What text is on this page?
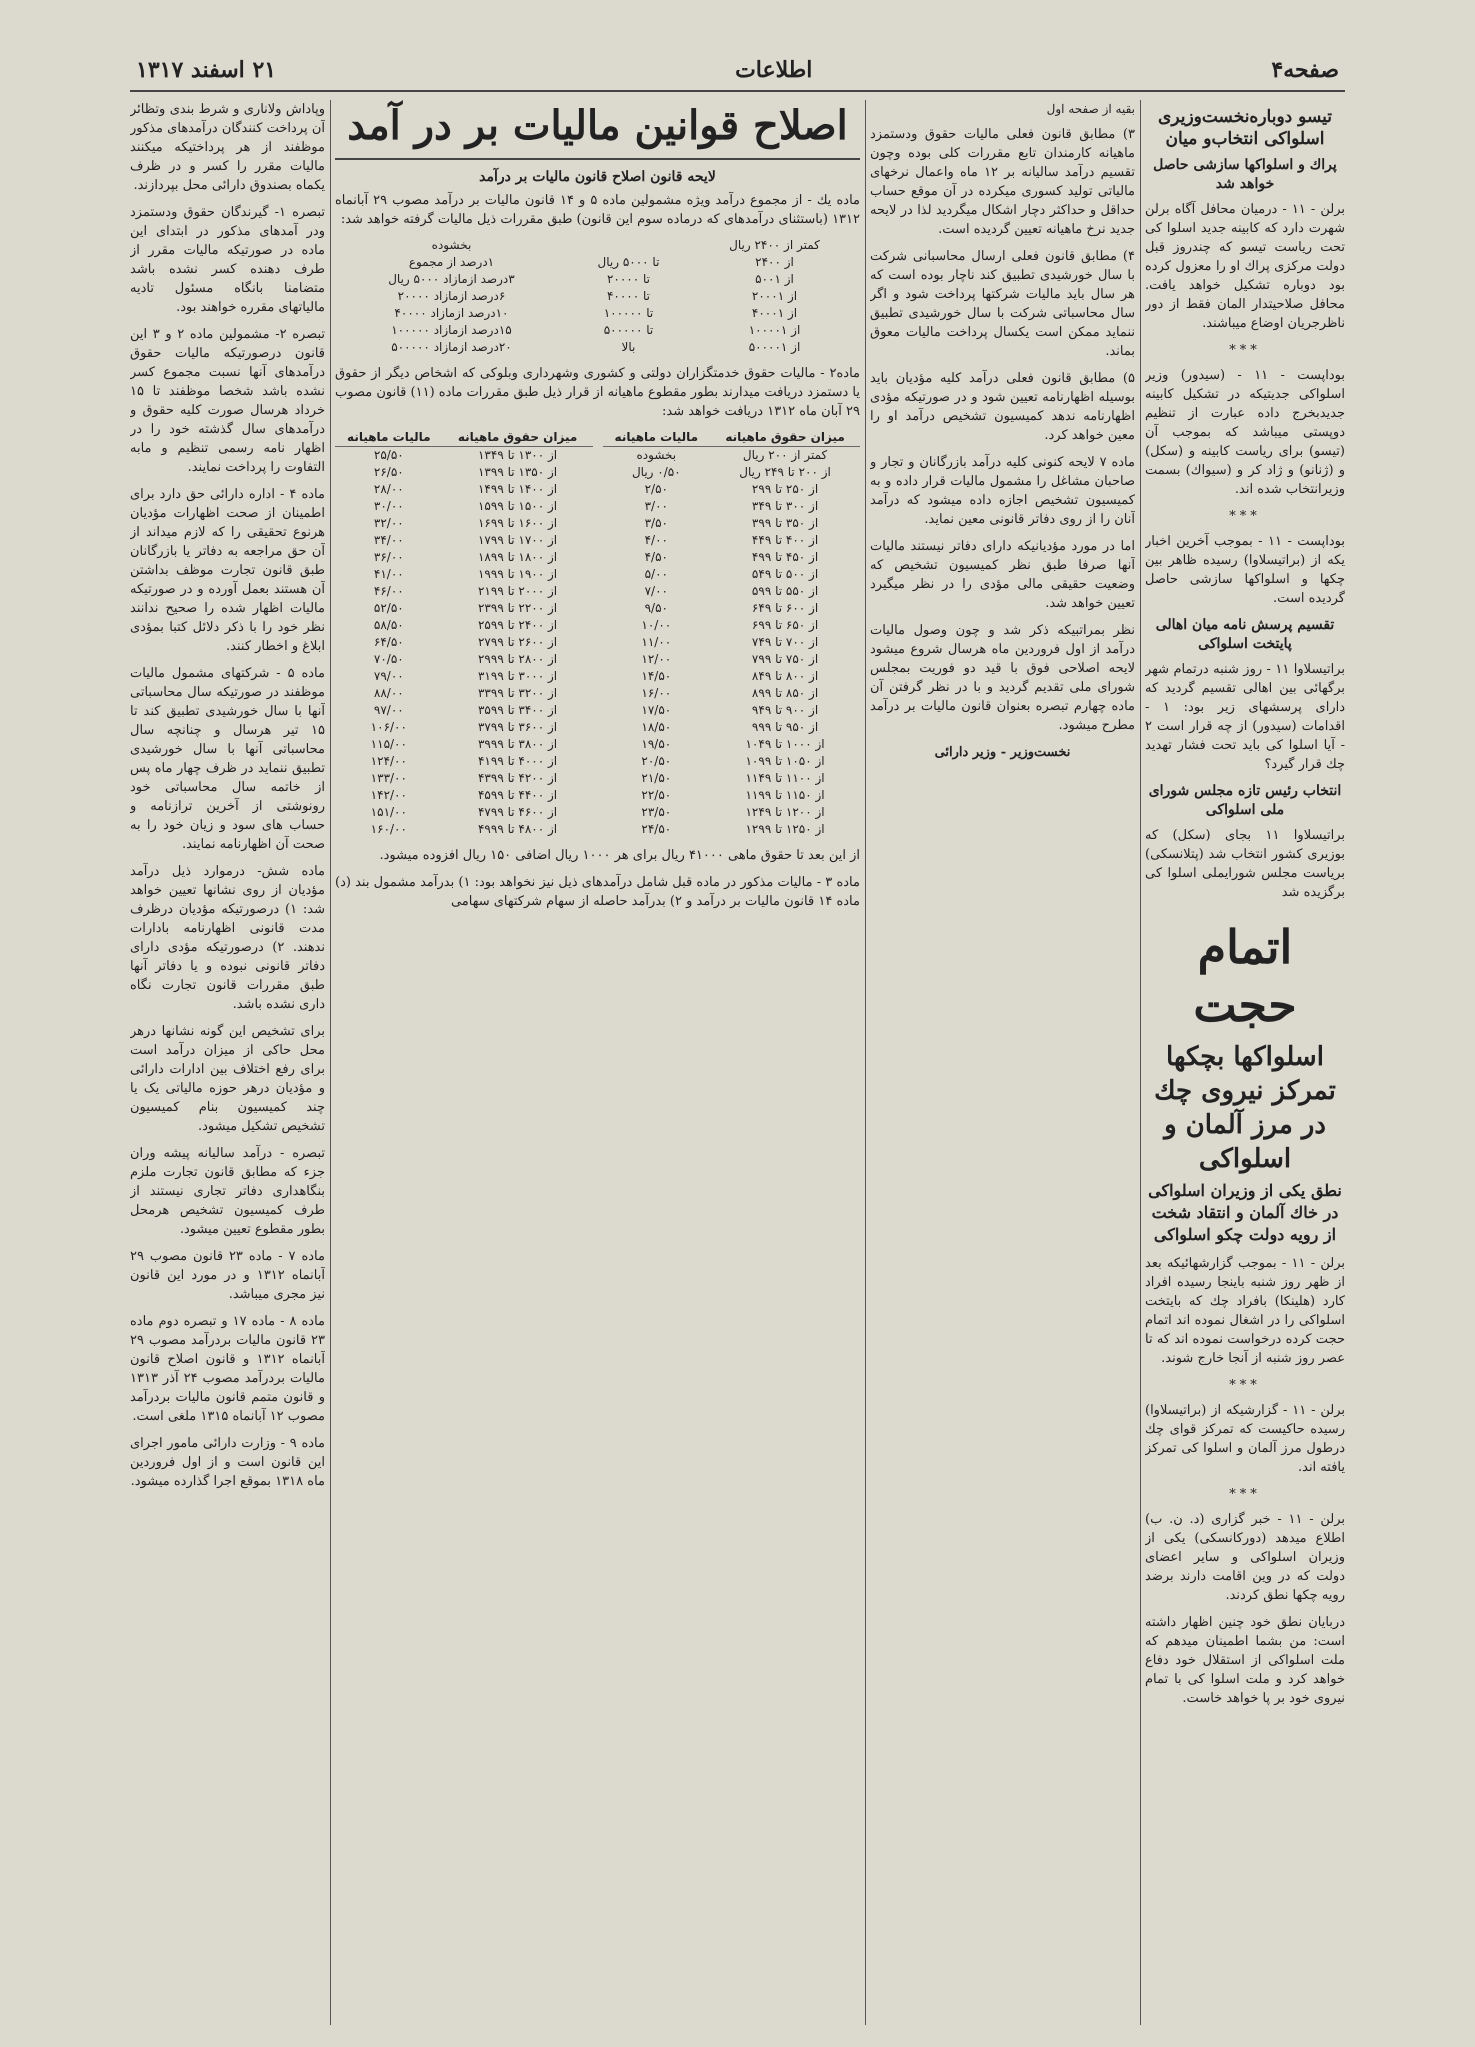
صفحه۴
اطلاعات
۲۱ اسفند ۱۳۱۷
تیسو دوباره‌نخست‌وزیری اسلواکی انتخاب‌و میان
پراك و اسلواکها سازشی حاصل خواهد شد

برلن - ۱۱ - درمیان محافل آگاه برلن شهرت دارد که کابینه جدید اسلوا کی تحت ریاست تیسو که چندروز قبل دولت مرکزی پراك او را معزول کرده بود دوباره تشکیل خواهد یافت. محافل صلاحیتدار المان فقط از دور ناظرجریان اوضاع میباشند.

***

بوداپست - ۱۱ - (سیدور) وزیر اسلواکی جدیتیکه در تشکیل کابینه جدیدبخرج داده عبارت از تنظیم دوپستی میباشد که بموجب آن (تیسو) برای ریاست کابینه و (سکل) و (ژنانو) و ژاد کر و (سیواك) بسمت وزیرانتخاب شده اند.

***

بوداپست - ۱۱ - بموجب آخرین اخبار یکه از (براتیسلاوا) رسیده ظاهر بین چکها و اسلواکها سازشی حاصل گردیده است.

تقسیم پرسش نامه میان اهالی پایتخت اسلواکی

براتیسلاوا ۱۱ - روز شنبه درتمام شهر برگهائی بین اهالی تقسیم گردید که دارای پرسشهای زیر بود: ۱ - اقدامات (سیدور) از چه قرار است ۲ - آیا اسلوا کی باید تحت فشار تهدید چك قرار گیرد؟

انتخاب رئیس تازه مجلس شورای ملی اسلواکی

براتیسلاوا ۱۱ بجای (سکل) که بوزیری کشور انتخاب شد (پتلانسکی) بریاست مجلس شورایملی اسلوا کی برگزیده شد

اتمام حجت
اسلواکها بچکها تمرکز نیروی چك در مرز آلمان و اسلواکی
نطق یکی از وزیران اسلواکی در خاك آلمان و انتقاد شخت از رویه دولت چکو اسلواکی

برلن - ۱۱ - بموجب گزارشهائیکه بعد از ظهر روز شنبه باینجا رسیده افراد کارد (هلینکا) بافراد چك که بایتخت اسلواکی را در اشغال نموده اند اتمام حجت کرده درخواست نموده اند که تا عصر روز شنبه از آنجا خارج شوند.

***

برلن - ۱۱ - گزارشیکه از (براتیسلاوا) رسیده حاکیست که تمرکز قوای چك درطول مرز آلمان و اسلوا کی تمرکز یافته اند.

***

برلن - ۱۱ - خبر گزاری (د. ن. ب) اطلاع میدهد (دورکانسکی) یکی از وزیران اسلواکی و سایر اعضای دولت که در وین اقامت دارند برضد رویه چکها نطق کردند.

دربایان نطق خود چنین اظهار داشته است: من بشما اطمینان میدهم که ملت اسلواکی از استقلال خود دفاع خواهد کرد و ملت اسلوا کی با تمام نیروی خود بر پا خواهد خاست.

بقیه از صفحه اول

۳) مطابق قانون فعلی مالیات حقوق ودستمزد ماهیانه کارمندان تابع مقررات کلی بوده وچون تقسیم درآمد سالیانه بر ۱۲ ماه واعمال نرخهای مالیاتی تولید کسوری میکرده در آن موقع حساب حداقل و حداکثر دچار اشکال میگردید لذا در لایحه جدید نرخ ماهیانه تعیین گردیده است.

۴) مطابق قانون فعلی ارسال محاسبانی شرکت با سال خورشیدی تطبیق کند ناچار بوده است که هر سال باید مالیات شرکتها پرداخت شود و اگر سال محاسباتی شرکت با سال خورشیدی تطبیق ننماید ممکن است یکسال پرداخت مالیات معوق بماند.

۵) مطابق قانون فعلی درآمد کلیه مؤدیان باید بوسیله اظهارنامه تعیین شود و در صورتیکه مؤدی اظهارنامه ندهد کمیسیون تشخیص درآمد او را معین خواهد کرد.

ماده ۷ لایحه کنونی کلیه درآمد بازرگانان و تجار و صاحبان مشاغل را مشمول مالیات قرار داده و به کمیسیون تشخیص اجازه داده میشود که درآمد آنان را از روی دفاتر قانونی معین نماید.

اما در مورد مؤدیانیکه دارای دفاتر نیستند مالیات آنها صرفا طبق نظر کمیسیون تشخیص که وضعیت حقیقی مالی مؤدی را در نظر میگیرد تعیین خواهد شد.

نظر بمراتبیکه ذکر شد و چون وصول مالیات درآمد از اول فروردین ماه هرسال شروع میشود لایحه اصلاحی فوق با قید دو فوریت بمجلس شورای ملی تقدیم گردید و با در نظر گرفتن آن ماده چهارم تبصره بعنوان قانون مالیات بر درآمد مطرح میشود.

نخست‌وزیر - وزیر دارائی

اصلاح قوانین مالیات بر در آمد
لایحه قانون اصلاح قانون مالیات بر درآمد

ماده یك - از مجموع درآمد ویژه مشمولین ماده ۵ و ۱۴ قانون مالیات بر درآمد مصوب ۲۹ آبانماه ۱۳۱۲ (باستثنای درآمدهای که درماده سوم این قانون) طبق مقررات ذیل مالیات گرفته خواهد شد:

کمتر از ۲۴۰۰ ریال		بخشوده
از ۲۴۰۰	تا ۵۰۰۰ ریال	۱درصد از مجموع
از ۵۰۰۱	تا ۲۰۰۰۰	۳درصد ازمازاد ۵۰۰۰ ریال
از ۲۰۰۰۱	تا ۴۰۰۰۰	۶درصد ازمازاد ۲۰۰۰۰
از ۴۰۰۰۱	تا ۱۰۰۰۰۰	۱۰درصد ازمازاد ۴۰۰۰۰
از ۱۰۰۰۰۱	تا ۵۰۰۰۰۰	۱۵درصد ازمازاد ۱۰۰۰۰۰
از ۵۰۰۰۰۱	بالا	۲۰درصد ازمازاد ۵۰۰۰۰۰

ماده۲ - مالیات حقوق خدمتگزاران دولتی و کشوری وشهرداری وبلوکی که اشخاص دیگر از حقوق یا دستمزد دریافت میدارند بطور مقطوع ماهیانه از قرار ذیل طبق مقررات ماده (۱۱) قانون مصوب ۲۹ آبان ماه ۱۳۱۲ دریافت خواهد شد:

میزان حقوق ماهیانه	مالیات ماهیانه
کمتر از ۲۰۰ ریال	بخشوده
از ۲۰۰ تا ۲۴۹ ریال	۰/۵۰ ریال
از ۲۵۰ تا ۲۹۹	۲/۵۰
از ۳۰۰ تا ۳۴۹	۳/۰۰
از ۳۵۰ تا ۳۹۹	۳/۵۰
از ۴۰۰ تا ۴۴۹	۴/۰۰
از ۴۵۰ تا ۴۹۹	۴/۵۰
از ۵۰۰ تا ۵۴۹	۵/۰۰
از ۵۵۰ تا ۵۹۹	۷/۰۰
از ۶۰۰ تا ۶۴۹	۹/۵۰
از ۶۵۰ تا ۶۹۹	۱۰/۰۰
از ۷۰۰ تا ۷۴۹	۱۱/۰۰
از ۷۵۰ تا ۷۹۹	۱۲/۰۰
از ۸۰۰ تا ۸۴۹	۱۴/۵۰
از ۸۵۰ تا ۸۹۹	۱۶/۰۰
از ۹۰۰ تا ۹۴۹	۱۷/۵۰
از ۹۵۰ تا ۹۹۹	۱۸/۵۰
از ۱۰۰۰ تا ۱۰۴۹	۱۹/۵۰
از ۱۰۵۰ تا ۱۰۹۹	۲۰/۵۰
از ۱۱۰۰ تا ۱۱۴۹	۲۱/۵۰
از ۱۱۵۰ تا ۱۱۹۹	۲۲/۵۰
از ۱۲۰۰ تا ۱۲۴۹	۲۳/۵۰
از ۱۲۵۰ تا ۱۲۹۹	۲۴/۵۰
میزان حقوق ماهیانه	مالیات ماهیانه
از ۱۳۰۰ تا ۱۳۴۹	۲۵/۵۰
از ۱۳۵۰ تا ۱۳۹۹	۲۶/۵۰
از ۱۴۰۰ تا ۱۴۹۹	۲۸/۰۰
از ۱۵۰۰ تا ۱۵۹۹	۳۰/۰۰
از ۱۶۰۰ تا ۱۶۹۹	۳۲/۰۰
از ۱۷۰۰ تا ۱۷۹۹	۳۴/۰۰
از ۱۸۰۰ تا ۱۸۹۹	۳۶/۰۰
از ۱۹۰۰ تا ۱۹۹۹	۴۱/۰۰
از ۲۰۰۰ تا ۲۱۹۹	۴۶/۰۰
از ۲۲۰۰ تا ۲۳۹۹	۵۲/۵۰
از ۲۴۰۰ تا ۲۵۹۹	۵۸/۵۰
از ۲۶۰۰ تا ۲۷۹۹	۶۴/۵۰
از ۲۸۰۰ تا ۲۹۹۹	۷۰/۵۰
از ۳۰۰۰ تا ۳۱۹۹	۷۹/۰۰
از ۳۲۰۰ تا ۳۳۹۹	۸۸/۰۰
از ۳۴۰۰ تا ۳۵۹۹	۹۷/۰۰
از ۳۶۰۰ تا ۳۷۹۹	۱۰۶/۰۰
از ۳۸۰۰ تا ۳۹۹۹	۱۱۵/۰۰
از ۴۰۰۰ تا ۴۱۹۹	۱۲۴/۰۰
از ۴۲۰۰ تا ۴۳۹۹	۱۳۳/۰۰
از ۴۴۰۰ تا ۴۵۹۹	۱۴۲/۰۰
از ۴۶۰۰ تا ۴۷۹۹	۱۵۱/۰۰
از ۴۸۰۰ تا ۴۹۹۹	۱۶۰/۰۰

از این بعد تا حقوق ماهی ۴۱۰۰۰ ریال برای هر ۱۰۰۰ ریال اضافی ۱۵۰ ریال افزوده میشود.

ماده ۳ - مالیات مذکور در ماده قبل شامل درآمدهای ذیل نیز نخواهد بود: ۱) بدرآمد مشمول بند (د) ماده ۱۴ قانون مالیات بر درآمد و ۲) بدرآمد حاصله از سهام شرکتهای سهامی

وپاداش ولاناری و شرط بندی وتظائر آن پرداخت کنندگان درآمدهای مذکور موظفند از هر پرداختیکه میکنند مالیات مقرر را کسر و در ظرف یکماه بصندوق دارائی محل بپردازند.

تبصره ۱- گیرندگان حقوق ودستمزد ودر آمدهای مذکور در ابتدای این ماده در صورتیکه مالیات مقرر از طرف دهنده کسر نشده باشد متضامنا بانگاه مسئول تادیه مالیاتهای مقرره خواهند بود.

تبصره ۲- مشمولین ماده ۲ و ۳ این قانون درصورتیکه مالیات حقوق درآمدهای آنها نسبت مجموع کسر نشده باشد شخصا موظفند تا ۱۵ خرداد هرسال صورت کلیه حقوق و درآمدهای سال گذشته خود را در اظهار نامه رسمی تنظیم و مابه التفاوت را پرداخت نمایند.

ماده ۴ - اداره دارائی حق دارد برای اطمینان از صحت اظهارات مؤدیان هرنوع تحقیقی را که لازم میداند از آن حق مراجعه به دفاتر یا بازرگانان طبق قانون تجارت موظف بداشتن آن هستند بعمل آورده و در صورتیکه مالیات اظهار شده را صحیح ندانند نظر خود را با ذکر دلائل کتبا بمؤدی ابلاغ و اخطار کنند.

ماده ۵ - شرکتهای مشمول مالیات موظفند در صورتیکه سال محاسباتی آنها با سال خورشیدی تطبیق کند تا ۱۵ تیر هرسال و چنانچه سال محاسباتی آنها با سال خورشیدی تطبیق ننماید در ظرف چهار ماه پس از خاتمه سال محاسباتی خود رونوشتی از آخرین ترازنامه و حساب های سود و زیان خود را به صحت آن اظهارنامه نمایند.

ماده شش- درموارد ذیل درآمد مؤدیان از روی نشانها تعیین خواهد شد: ۱) درصورتیکه مؤدیان درظرف مدت قانونی اظهارنامه بادارات ندهند. ۲) درصورتیکه مؤدی دارای دفاتر قانونی نبوده و یا دفاتر آنها طبق مقررات قانون تجارت نگاه داری نشده باشد.

برای تشخیص این گونه نشانها درهر محل حاکی از میزان درآمد است برای رفع اختلاف بین ادارات دارائی و مؤدیان درهر حوزه مالیاتی یک یا چند کمیسیون بنام کمیسیون تشخیص تشکیل میشود.

تبصره - درآمد سالیانه پیشه وران جزء که مطابق قانون تجارت ملزم بنگاهداری دفاتر تجاری نیستند از طرف کمیسیون تشخیص هرمحل بطور مقطوع تعیین میشود.

ماده ۷ - ماده ۲۳ قانون مصوب ۲۹ آبانماه ۱۳۱۲ و در مورد این قانون نیز مجری میباشد.

ماده ۸ - ماده ۱۷ و تبصره دوم ماده ۲۳ قانون مالیات بردرآمد مصوب ۲۹ آبانماه ۱۳۱۲ و قانون اصلاح قانون مالیات بردرآمد مصوب ۲۴ آذر ۱۳۱۳ و قانون متمم قانون مالیات بردرآمد مصوب ۱۲ آبانماه ۱۳۱۵ ملغی است.

ماده ۹ - وزارت دارائی مامور اجرای این قانون است و از اول فروردین ماه ۱۳۱۸ بموقع اجرا گذارده میشود.
